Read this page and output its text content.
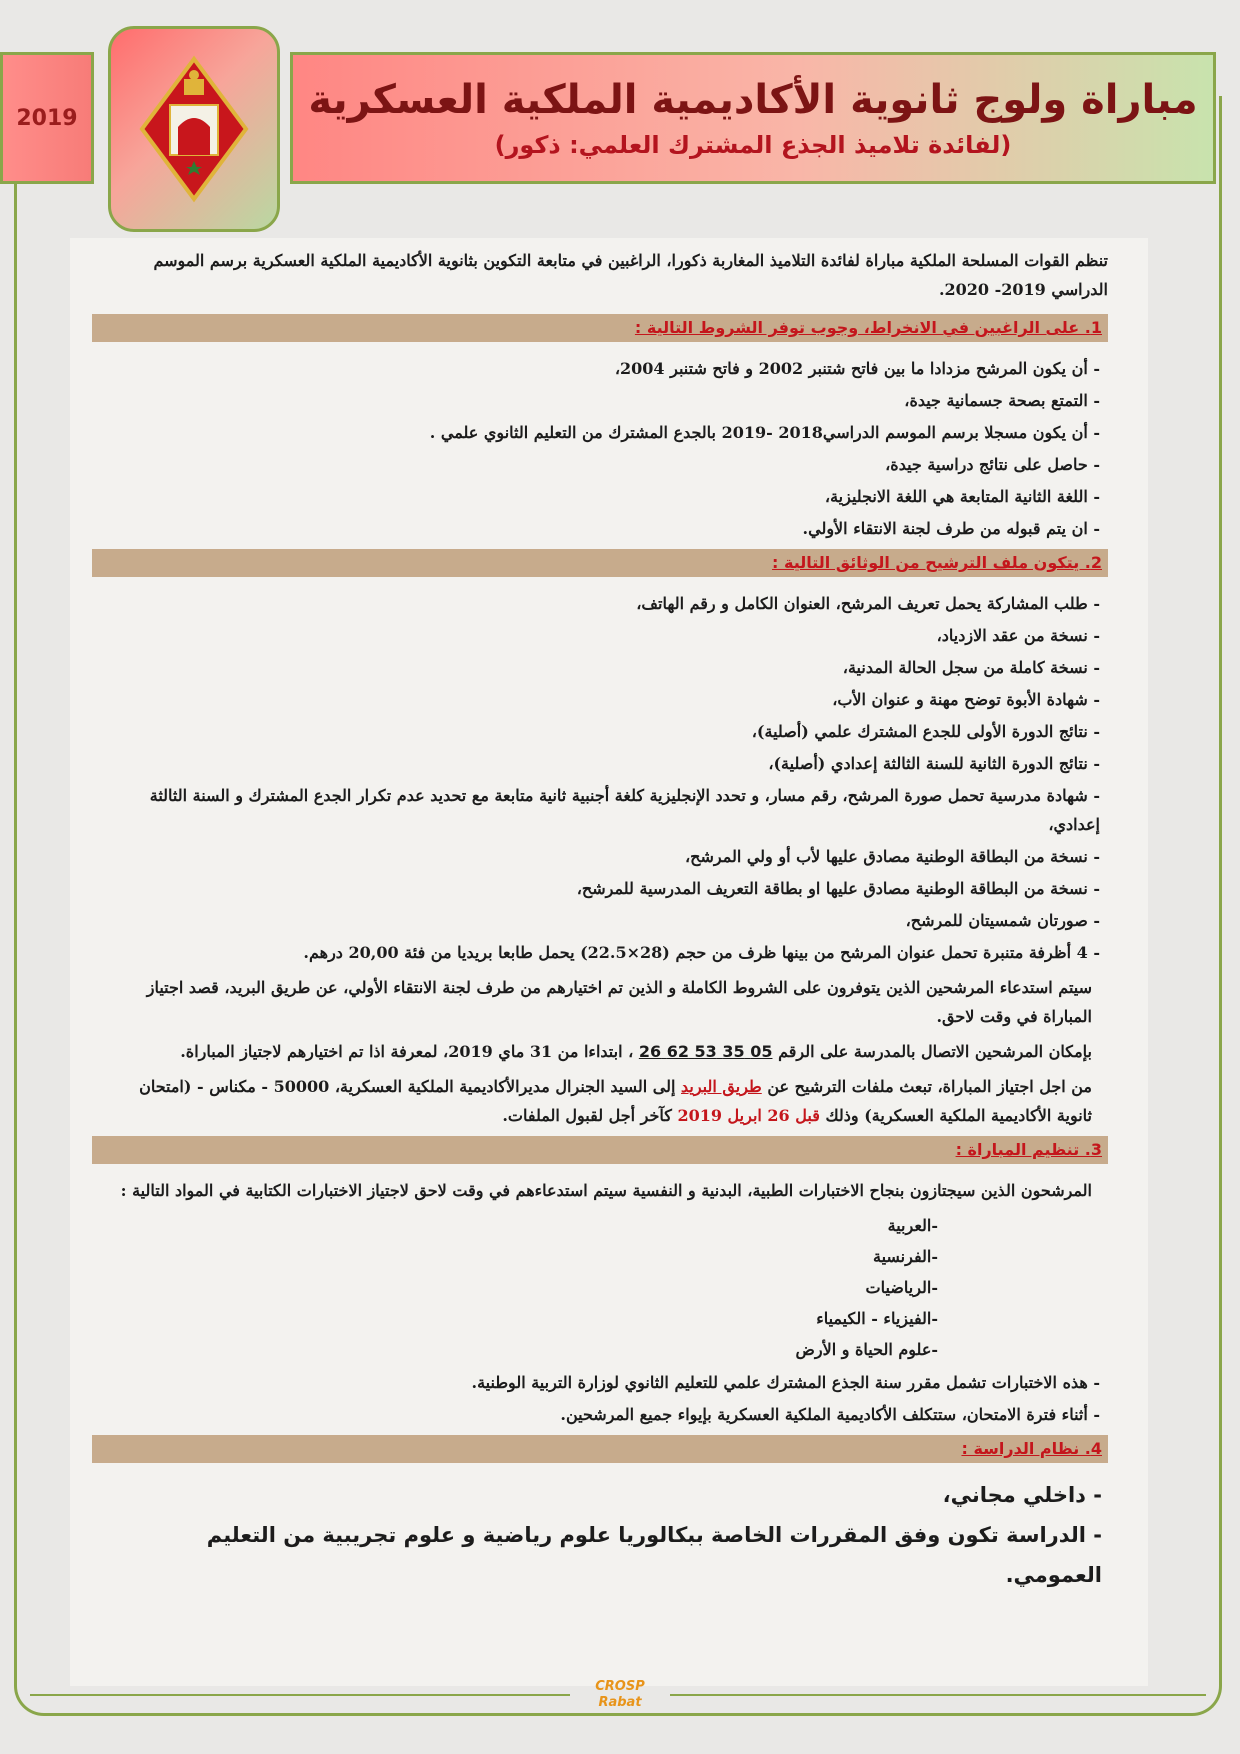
2019	مباراة ولوج ثانوية الأكاديمية الملكية العسكرية
(لفائدة تلاميذ الجذع المشترك العلمي: ذكور)

تنظم القوات المسلحة الملكية مباراة لفائدة التلاميذ المغاربة ذكورا، الراغبين في متابعة التكوين بثانوية الأكاديمية الملكية العسكرية برسم الموسم الدراسي 2019- 2020.

1. على الراغبين في الانخراط، وجوب توفر الشروط التالية :
- أن يكون المرشح مزدادا ما بين فاتح شتنبر 2002 و فاتح شتنبر 2004،
- التمتع بصحة جسمانية جيدة،
- أن يكون مسجلا برسم الموسم الدراسي2018 -2019 بالجدع المشترك من التعليم الثانوي علمي .
- حاصل على نتائج دراسية جيدة،
- اللغة الثانية المتابعة هي اللغة الانجليزية،
- ان يتم قبوله من طرف لجنة الانتقاء الأولي.
2. يتكون ملف الترشيح من الوثائق التالية :
- طلب المشاركة يحمل تعريف المرشح، العنوان الكامل و رقم الهاتف،
- نسخة من عقد الازدياد،
- نسخة كاملة من سجل الحالة المدنية،
- شهادة الأبوة توضح مهنة و عنوان الأب،
- نتائج الدورة الأولى للجدع المشترك علمي (أصلية)،
- نتائج الدورة الثانية للسنة الثالثة إعدادي (أصلية)،
- شهادة مدرسية تحمل صورة المرشح، رقم مسار، و تحدد الإنجليزية كلغة أجنبية ثانية متابعة مع تحديد عدم تكرار الجدع المشترك و السنة الثالثة إعدادي،
- نسخة من البطاقة الوطنية مصادق عليها لأب أو ولي المرشح،
- نسخة من البطاقة الوطنية مصادق عليها او بطاقة التعريف المدرسية للمرشح،
- صورتان شمسيتان للمرشح،
- 4 أظرفة متنبرة تحمل عنوان المرشح من بينها ظرف من حجم (28×22.5) يحمل طابعا بريديا من فئة 20,00 درهم.

سيتم استدعاء المرشحين الذين يتوفرون على الشروط الكاملة و الذين تم اختيارهم من طرف لجنة الانتقاء الأولي، عن طريق البريد، قصد اجتياز المباراة في وقت لاحق.

بإمكان المرشحين الاتصال بالمدرسة على الرقم 05 35 53 62 26 ، ابتداءا من 31 ماي 2019، لمعرفة اذا تم اختيارهم لاجتياز المباراة.

من اجل اجتياز المباراة، تبعث ملفات الترشيح عن طريق البريد إلى السيد الجنرال مديرالأكاديمية الملكية العسكرية، 50000 - مكناس - (امتحان ثانوية الأكاديمية الملكية العسكرية) وذلك قبل 26 ابريل 2019 كآخر أجل لقبول الملفات.

3. تنظيم المباراة :

المرشحون الذين سيجتازون بنجاح الاختبارات الطبية، البدنية و النفسية سيتم استدعاءهم في وقت لاحق لاجتياز الاختبارات الكتابية في المواد التالية :

-العربية
-الفرنسية
-الرياضيات
-الفيزياء - الكيمياء
-علوم الحياة و الأرض
- هذه الاختبارات تشمل مقرر سنة الجذع المشترك علمي للتعليم الثانوي لوزارة التربية الوطنية.
- أثناء فترة الامتحان، ستتكلف الأكاديمية الملكية العسكرية بإيواء جميع المرشحين.
4. نظام الدراسة :
- داخلي مجاني،
- الدراسة تكون وفق المقررات الخاصة ببكالوريا علوم رياضية و علوم تجريبية من التعليم العمومي.
CROSP
Rabat
